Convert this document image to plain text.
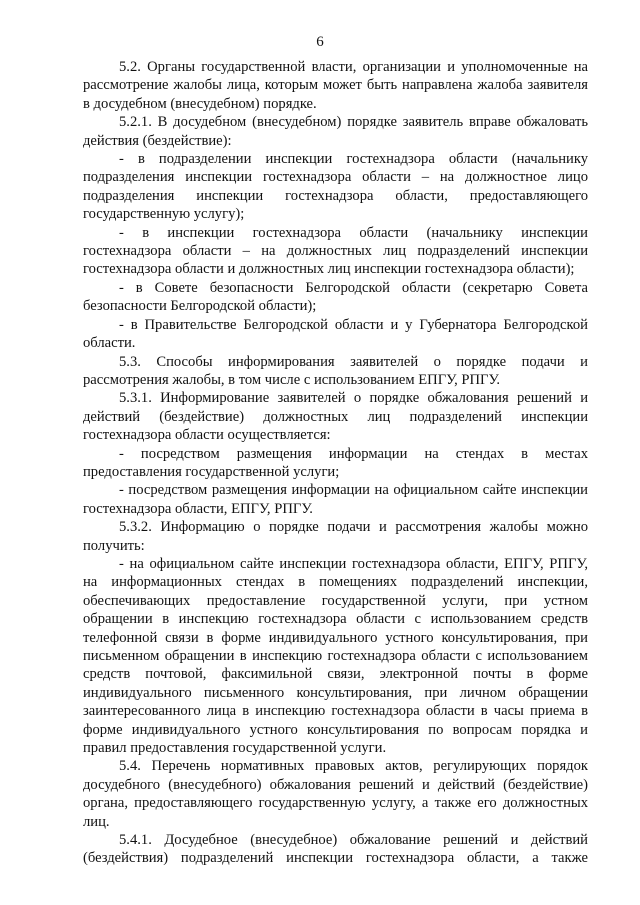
6

5.2. Органы государственной власти, организации и уполномоченные на рассмотрение жалобы лица, которым может быть направлена жалоба заявителя в досудебном (внесудебном) порядке.

5.2.1. В досудебном (внесудебном) порядке заявитель вправе обжаловать действия (бездействие):

- в подразделении инспекции гостехнадзора области (начальнику подразделения инспекции гостехнадзора области – на должностное лицо подразделения инспекции гостехнадзора области, предоставляющего государственную услугу);

- в инспекции гостехнадзора области (начальнику инспекции гостехнадзора области – на должностных лиц подразделений инспекции гостехнадзора области и должностных лиц инспекции гостехнадзора области);

- в Совете безопасности Белгородской области (секретарю Совета безопасности Белгородской области);

- в Правительстве Белгородской области и у Губернатора Белгородской области.

5.3. Способы информирования заявителей о порядке подачи и рассмотрения жалобы, в том числе с использованием ЕПГУ, РПГУ.

5.3.1. Информирование заявителей о порядке обжалования решений и действий (бездействие) должностных лиц подразделений инспекции гостехнадзора области осуществляется:

- посредством размещения информации на стендах в местах предоставления государственной услуги;

- посредством размещения информации на официальном сайте инспекции гостехнадзора области, ЕПГУ, РПГУ.

5.3.2. Информацию о порядке подачи и рассмотрения жалобы можно получить:

- на официальном сайте инспекции гостехнадзора области, ЕПГУ, РПГУ, на информационных стендах в помещениях подразделений инспекции, обеспечивающих предоставление государственной услуги, при устном обращении в инспекцию гостехнадзора области с использованием средств телефонной связи в форме индивидуального устного консультирования, при письменном обращении в инспекцию гостехнадзора области с использованием средств почтовой, факсимильной связи, электронной почты в форме индивидуального письменного консультирования, при личном обращении заинтересованного лица в инспекцию гостехнадзора области в часы приема в форме индивидуального устного консультирования по вопросам порядка и правил предоставления государственной услуги.

5.4. Перечень нормативных правовых актов, регулирующих порядок досудебного (внесудебного) обжалования решений и действий (бездействие) органа, предоставляющего государственную услугу, а также его должностных лиц.

5.4.1. Досудебное (внесудебное) обжалование решений и действий (бездействия) подразделений инспекции гостехнадзора области, а также
